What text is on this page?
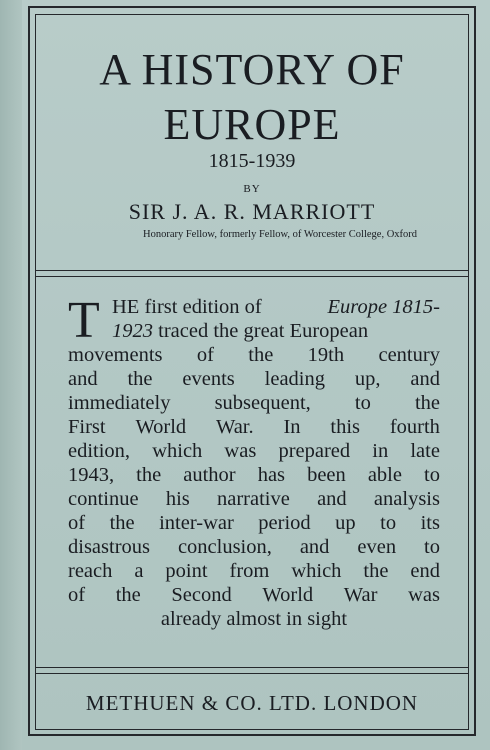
A HISTORY OF
EUROPE
1815-1939
BY
SIR J. A. R. MARRIOTT
Honorary Fellow, formerly Fellow, of Worcester College, Oxford
T HE first edition of	Europe 1815-
1923 traced the great European
movements of the 19th century
and the events leading up, and
immediately subsequent, to the
First World War. In this fourth
edition, which was prepared in late
1943, the author has been able to
continue his narrative and analysis
of the inter-war period up to its
disastrous conclusion, and even to
reach a point from which the end
of the Second World War was
already almost in sight
METHUEN & CO. LTD. LONDON
